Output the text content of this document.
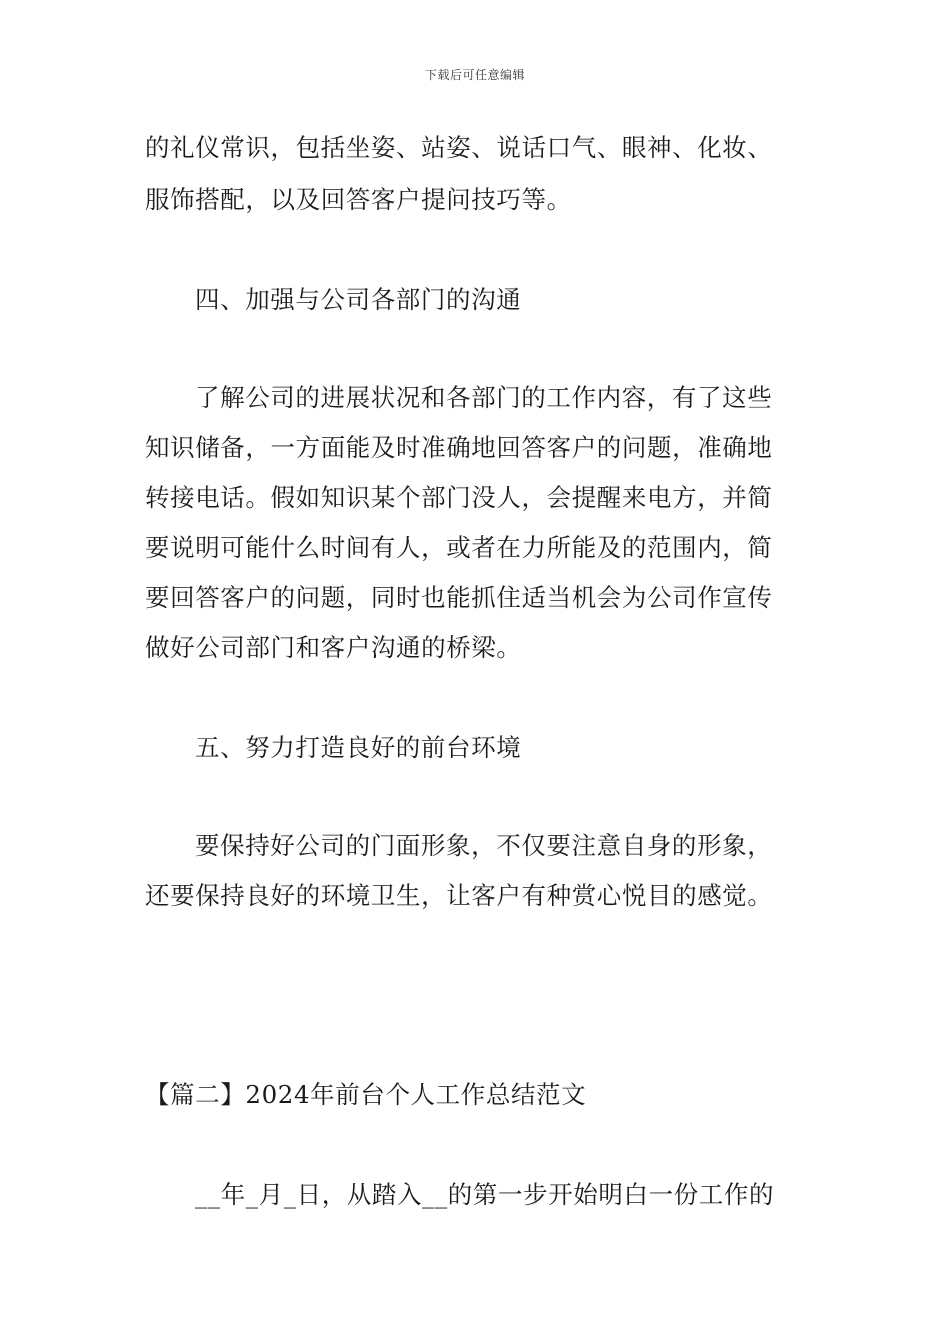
下载后可任意编辑
的礼仪常识，包括坐姿、站姿、说话口气、眼神、化妆、
服饰搭配，以及回答客户提问技巧等。
四、加强与公司各部门的沟通
了解公司的进展状况和各部门的工作内容，有了这些
知识储备，一方面能及时准确地回答客户的问题，准确地
转接电话。假如知识某个部门没人，会提醒来电方，并简
要说明可能什么时间有人，或者在力所能及的范围内，简
要回答客户的问题，同时也能抓住适当机会为公司作宣传
做好公司部门和客户沟通的桥梁。
五、努力打造良好的前台环境
要保持好公司的门面形象，不仅要注意自身的形象，
还要保持良好的环境卫生，让客户有种赏心悦目的感觉。
【篇二】2024年前台个人工作总结范文
__年_月_日，从踏入__的第一步开始明白一份工作的
